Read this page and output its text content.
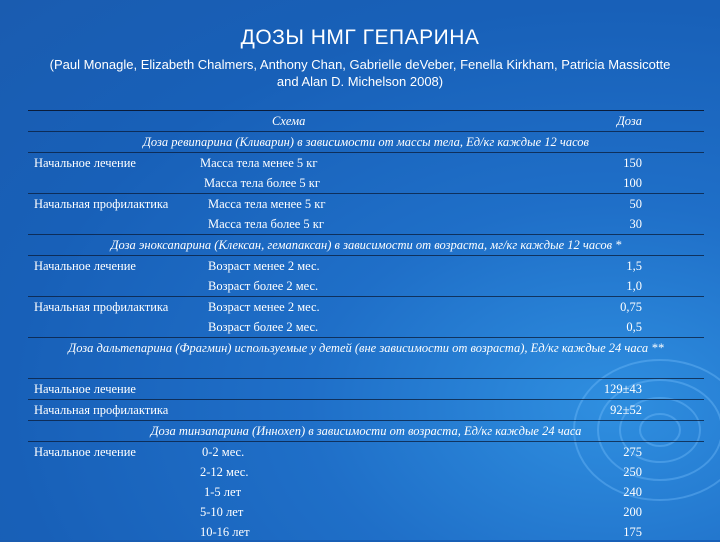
ДОЗЫ НМГ ГЕПАРИНА
(Paul Monagle, Elizabeth Chalmers, Anthony Chan, Gabrielle deVeber, Fenella Kirkham, Patricia Massicotte and Alan D. Michelson 2008)
Схема	Доза
Доза ревипарина (Кливарин) в зависимости от массы тела, Ед/кг каждые 12 часов
Начальное лечение	Масса тела менее 5 кг	150
Масса тела более 5 кг	100
Начальная профилактика	Масса тела менее 5 кг	50
Масса тела более 5 кг	30
Доза эноксапарина (Клексан, гемапаксан) в зависимости от возраста, мг/кг каждые 12 часов *
Начальное лечение	Возраст менее 2 мес.	1,5
Возраст более 2 мес.	1,0
Начальная профилактика	Возраст менее 2 мес.	0,75
Возраст более 2 мес.	0,5
Доза дальтепарина (Фрагмин) используемые у детей (вне зависимости от возраста), Ед/кг каждые 24 часа **
Начальное лечение	129±43
Начальная профилактика	92±52
Доза тинзапарина (Иннохеп) в зависимости от возраста, Ед/кг каждые 24 часа
Начальное лечение	0-2 мес.	275
2-12 мес.	250
1-5 лет	240
5-10 лет	200
10-16 лет	175
